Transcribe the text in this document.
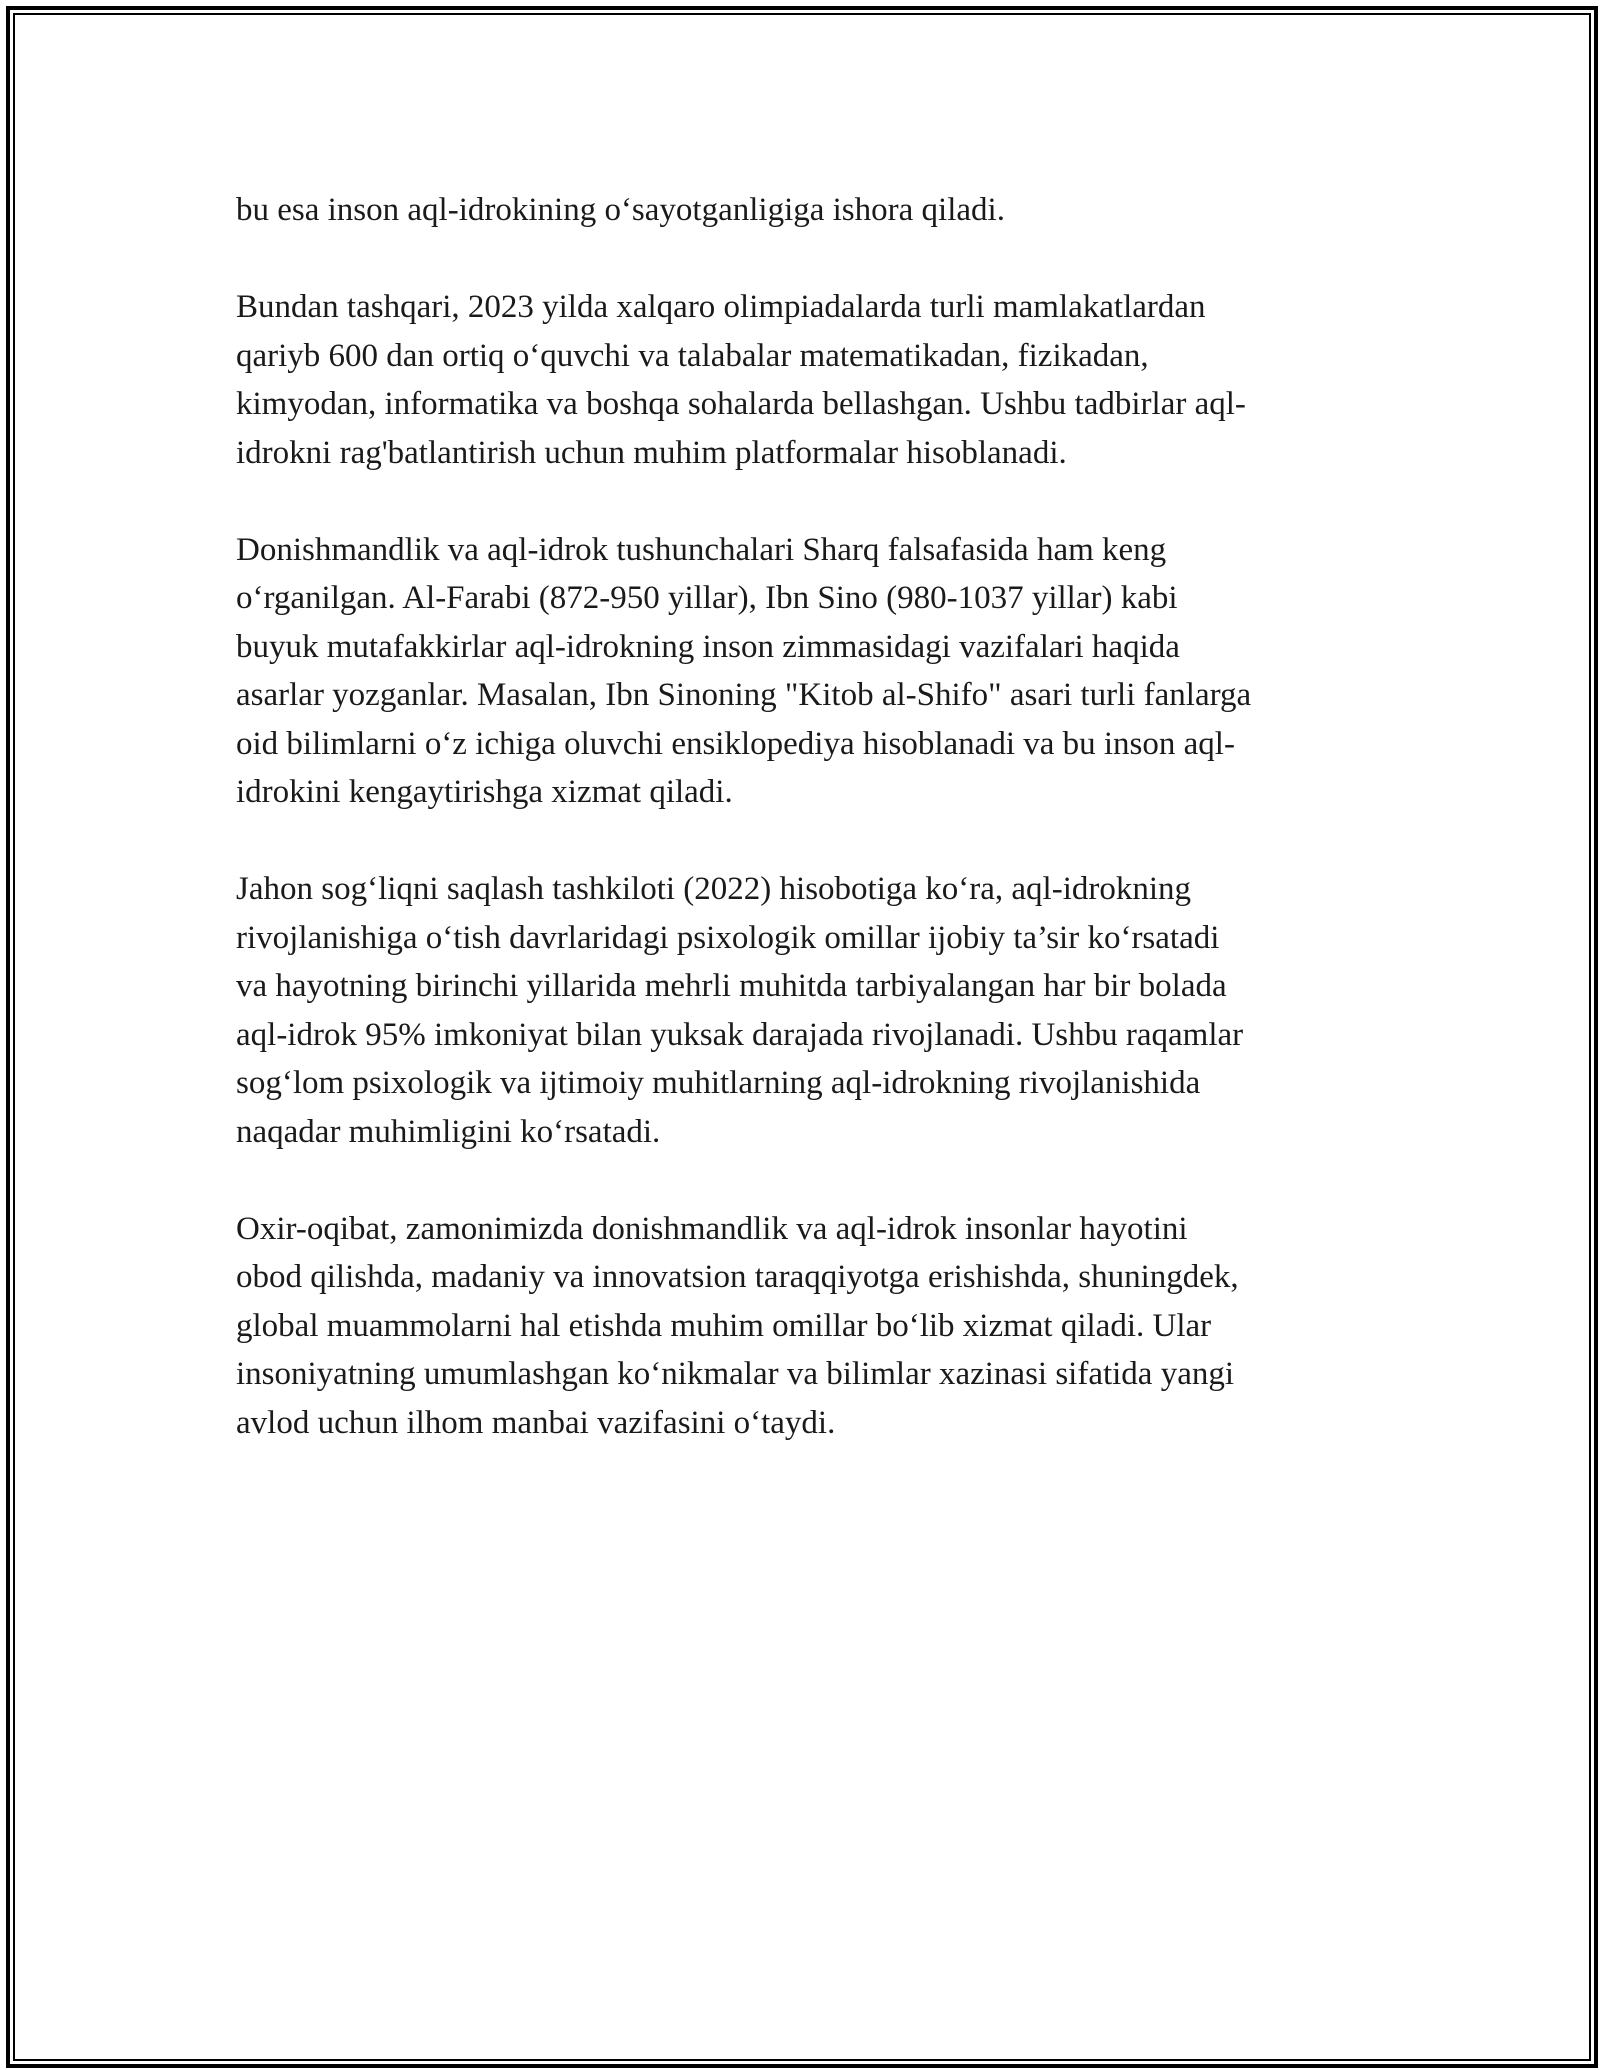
bu esa inson aql-idrokining o‘sayotganligiga ishora qiladi.

Bundan tashqari, 2023 yilda xalqaro olimpiadalarda turli mamlakatlardan
qariyb 600 dan ortiq o‘quvchi va talabalar matematikadan, fizikadan,
kimyodan, informatika va boshqa sohalarda bellashgan. Ushbu tadbirlar aql-
idrokni rag'batlantirish uchun muhim platformalar hisoblanadi.

Donishmandlik va aql-idrok tushunchalari Sharq falsafasida ham keng
o‘rganilgan. Al-Farabi (872-950 yillar), Ibn Sino (980-1037 yillar) kabi
buyuk mutafakkirlar aql-idrokning inson zimmasidagi vazifalari haqida
asarlar yozganlar. Masalan, Ibn Sinoning "Kitob al-Shifo" asari turli fanlarga
oid bilimlarni o‘z ichiga oluvchi ensiklopediya hisoblanadi va bu inson aql-
idrokini kengaytirishga xizmat qiladi.

Jahon sog‘liqni saqlash tashkiloti (2022) hisobotiga ko‘ra, aql-idrokning
rivojlanishiga o‘tish davrlaridagi psixologik omillar ijobiy ta’sir ko‘rsatadi
va hayotning birinchi yillarida mehrli muhitda tarbiyalangan har bir bolada
aql-idrok 95% imkoniyat bilan yuksak darajada rivojlanadi. Ushbu raqamlar
sog‘lom psixologik va ijtimoiy muhitlarning aql-idrokning rivojlanishida
naqadar muhimligini ko‘rsatadi.

Oxir-oqibat, zamonimizda donishmandlik va aql-idrok insonlar hayotini
obod qilishda, madaniy va innovatsion taraqqiyotga erishishda, shuningdek,
global muammolarni hal etishda muhim omillar bo‘lib xizmat qiladi. Ular
insoniyatning umumlashgan ko‘nikmalar va bilimlar xazinasi sifatida yangi
avlod uchun ilhom manbai vazifasini o‘taydi.
